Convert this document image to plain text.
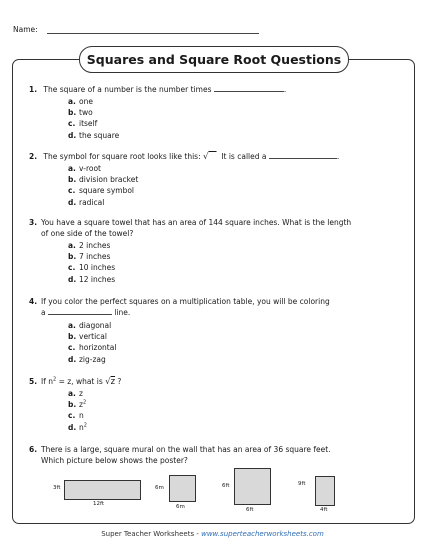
Name:
Squares and Square Root Questions
1. The square of a number is the number times	.
a. one
b. two
c. itself
d. the square
2. The symbol for square root looks like this: √ It is called a	.
a. v-root
b. division bracket
c. square symbol
d. radical
3. You have a square towel that has an area of 144 square inches. What is the length
of one side of the towel?
a. 2 inches
b. 7 inches
c. 10 inches
d. 12 inches
4. If you color the perfect squares on a multiplication table, you will be coloring
a	line.
a. diagonal
b. vertical
c. horizontal
d. zig-zag
5. If $n^2 = z$, what is √z ?
a. z
b. $z^2$
c. n
d. $n^2$
6. There is a large, square mural on the wall that has an area of 36 square feet.
Which picture below shows the poster?
3ft
12ft
6m
6m
6ft
6ft
9ft
4ft
Super Teacher Worksheets - www.superteacherworksheets.com
